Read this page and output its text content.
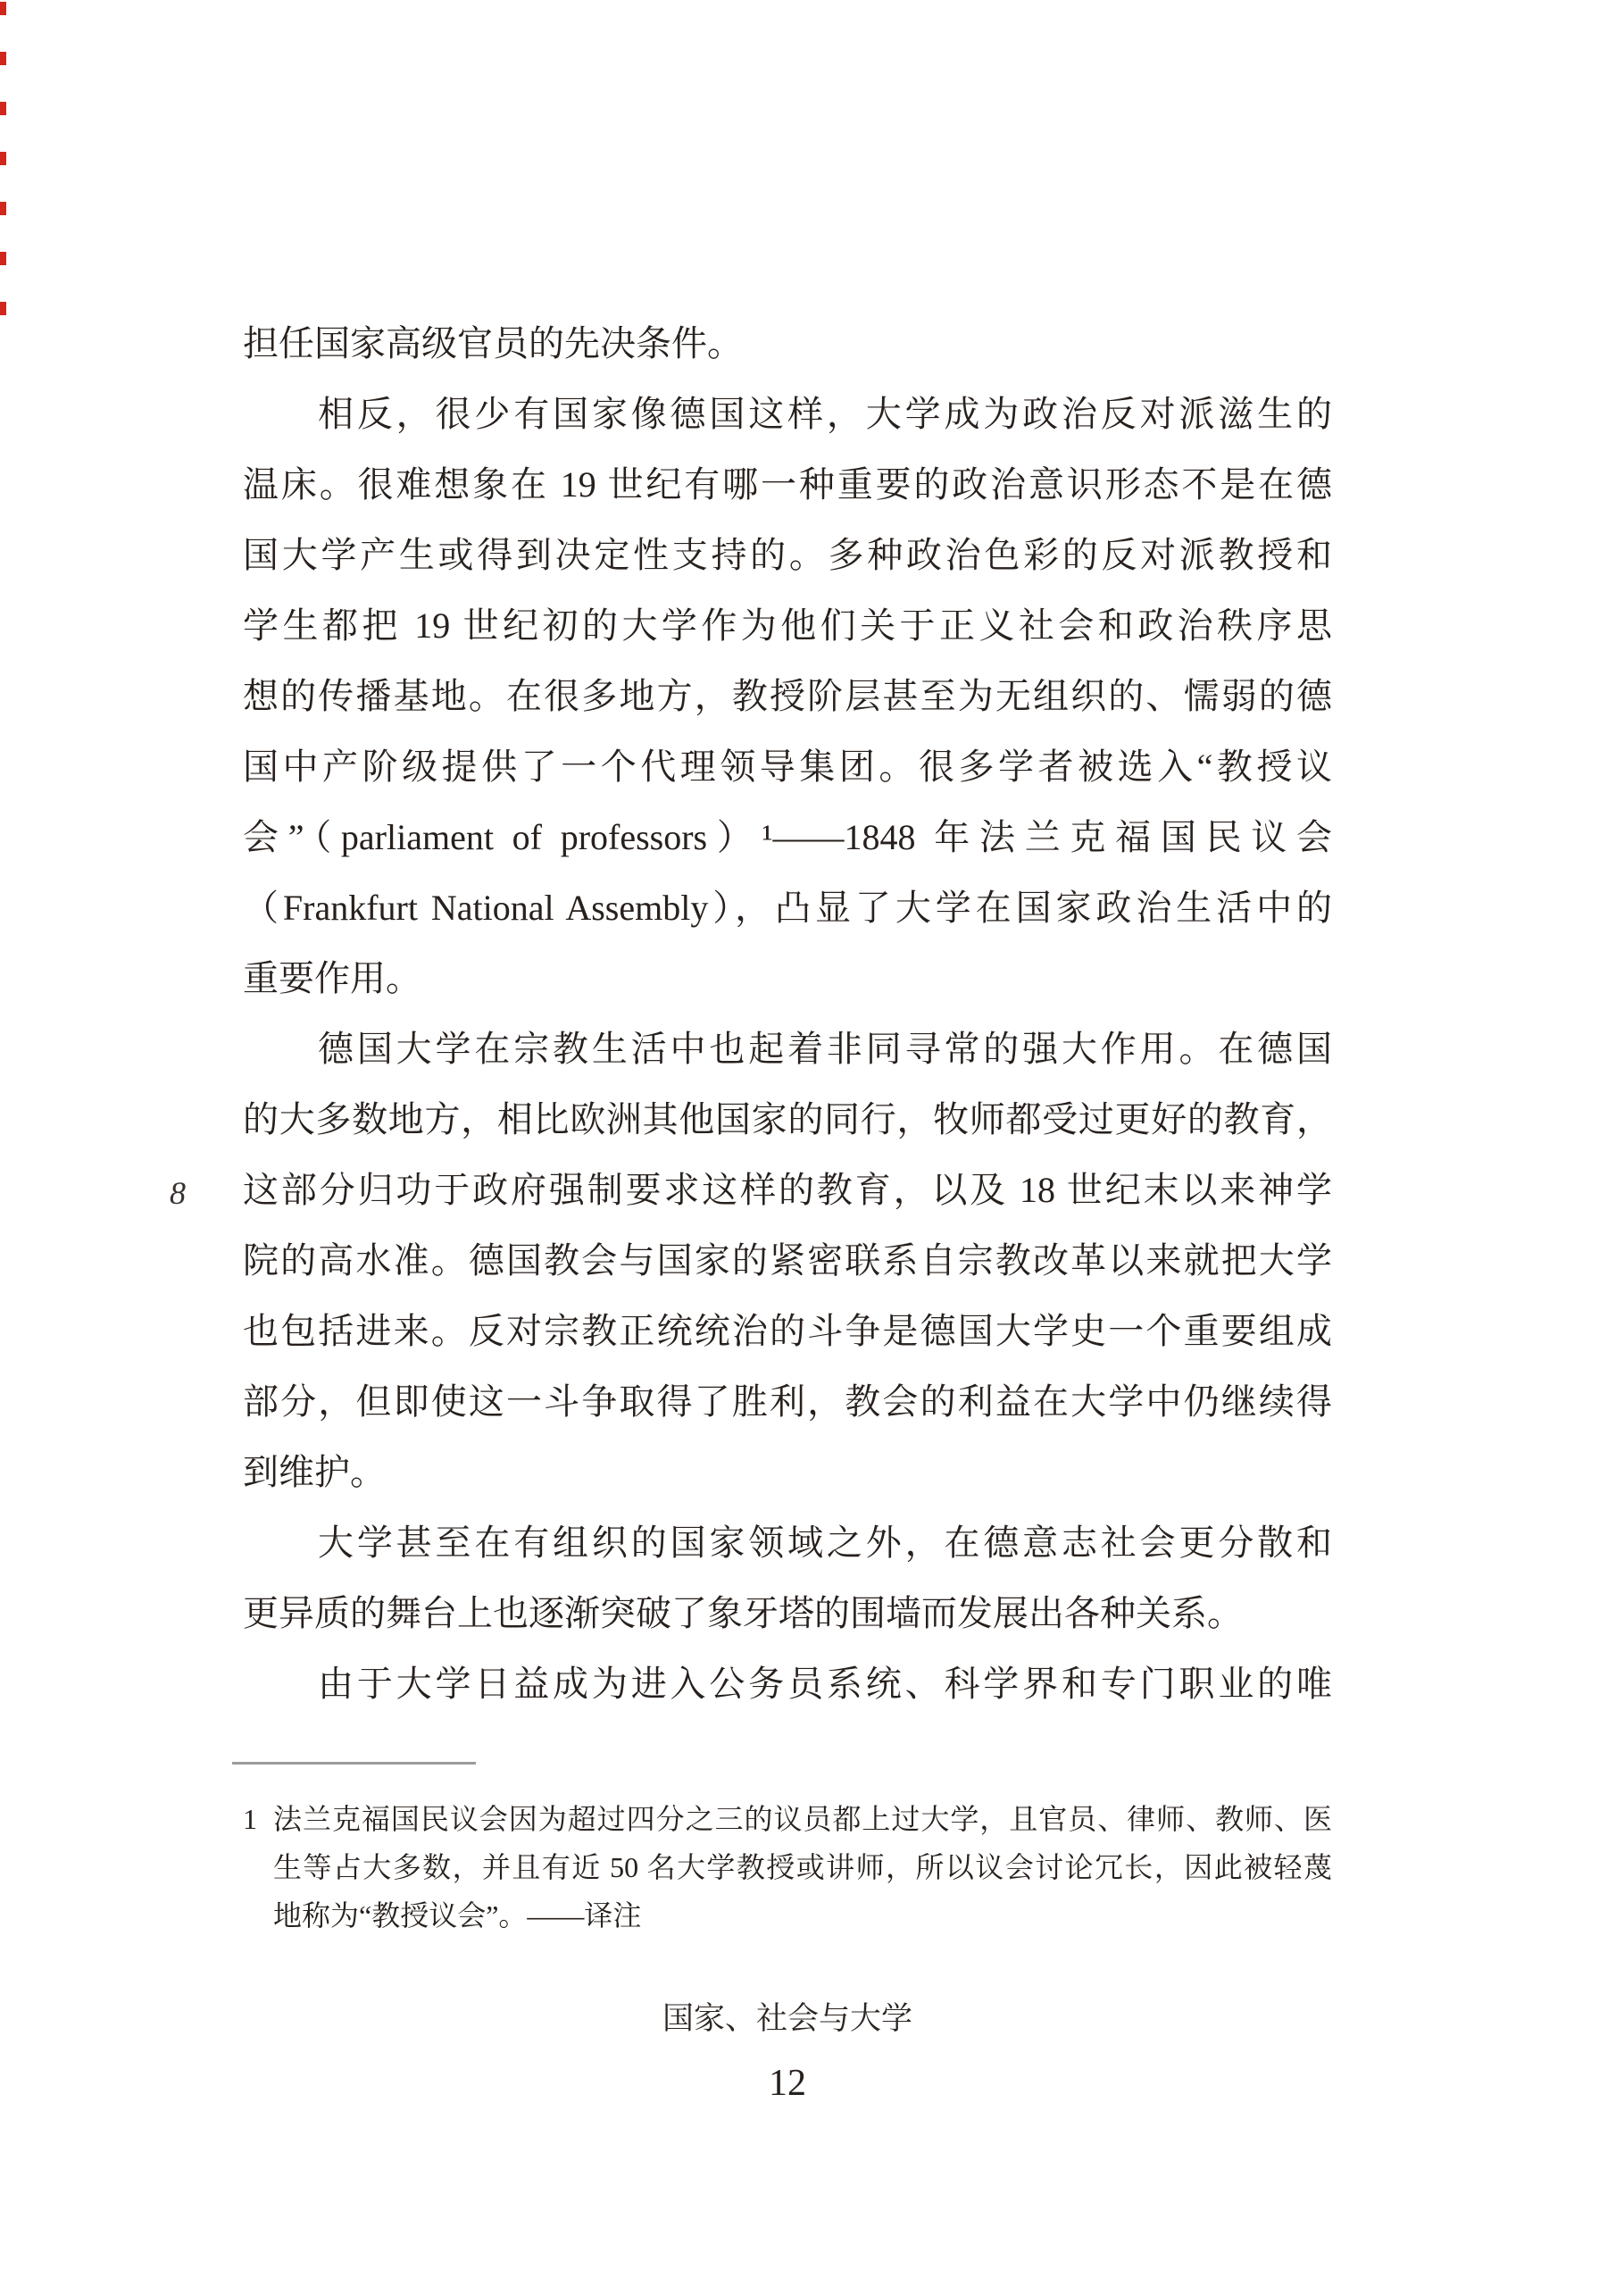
8
担任国家高级官员的先决条件。
相反，很少有国家像德国这样，大学成为政治反对派滋生的
温床。很难想象在 19 世纪有哪一种重要的政治意识形态不是在德
国大学产生或得到决定性支持的。多种政治色彩的反对派教授和
学生都把 19 世纪初的大学作为他们关于正义社会和政治秩序思
想的传播基地。在很多地方，教授阶层甚至为无组织的、懦弱的德
国中产阶级提供了一个代理领导集团。很多学者被选入“教授议
会”（parliament of professors）¹——1848 年法兰克福国民议会
（Frankfurt National Assembly），凸显了大学在国家政治生活中的
重要作用。
德国大学在宗教生活中也起着非同寻常的强大作用。在德国
的大多数地方，相比欧洲其他国家的同行，牧师都受过更好的教育，
这部分归功于政府强制要求这样的教育，以及 18 世纪末以来神学
院的高水准。德国教会与国家的紧密联系自宗教改革以来就把大学
也包括进来。反对宗教正统统治的斗争是德国大学史一个重要组成
部分，但即使这一斗争取得了胜利，教会的利益在大学中仍继续得
到维护。
大学甚至在有组织的国家领域之外，在德意志社会更分散和
更异质的舞台上也逐渐突破了象牙塔的围墙而发展出各种关系。
由于大学日益成为进入公务员系统、科学界和专门职业的唯
1 法兰克福国民议会因为超过四分之三的议员都上过大学，且官员、律师、教师、医
生等占大多数，并且有近 50 名大学教授或讲师，所以议会讨论冗长，因此被轻蔑
地称为“教授议会”。——译注
国家、社会与大学
12
